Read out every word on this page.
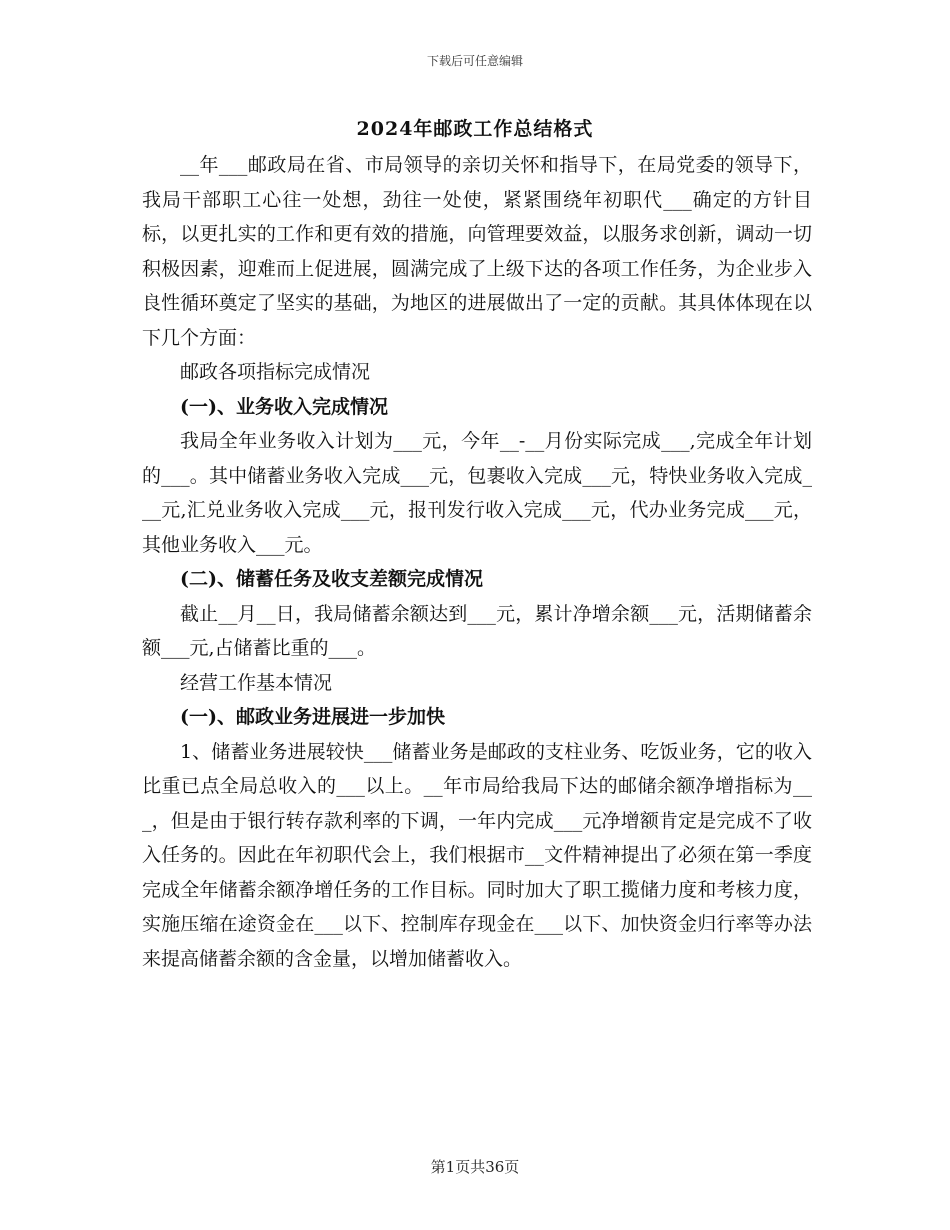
下载后可任意编辑
2024年邮政工作总结格式

__年___邮政局在省、市局领导的亲切关怀和指导下，在局党委的领导下，我局干部职工心往一处想，劲往一处使，紧紧围绕年初职代___确定的方针目标，以更扎实的工作和更有效的措施，向管理要效益，以服务求创新，调动一切积极因素，迎难而上促进展，圆满完成了上级下达的各项工作任务，为企业步入良性循环奠定了坚实的基础，为地区的进展做出了一定的贡献。其具体体现在以下几个方面：

邮政各项指标完成情况

(一)、业务收入完成情况

我局全年业务收入计划为___元，今年__-__月份实际完成___,完成全年计划的___。其中储蓄业务收入完成___元，包裹收入完成___元，特快业务收入完成___元,汇兑业务收入完成___元，报刊发行收入完成___元，代办业务完成___元，其他业务收入___元。

(二)、储蓄任务及收支差额完成情况

截止__月__日，我局储蓄余额达到___元，累计净增余额___元，活期储蓄余额___元,占储蓄比重的___。

经营工作基本情况

(一)、邮政业务进展进一步加快

1、储蓄业务进展较快___储蓄业务是邮政的支柱业务、吃饭业务，它的收入比重已点全局总收入的___以上。__年市局给我局下达的邮储余额净增指标为___，但是由于银行转存款利率的下调，一年内完成___元净增额肯定是完成不了收入任务的。因此在年初职代会上，我们根据市__文件精神提出了必须在第一季度完成全年储蓄余额净增任务的工作目标。同时加大了职工揽储力度和考核力度，实施压缩在途资金在___以下、控制库存现金在___以下、加快资金归行率等办法来提高储蓄余额的含金量，以增加储蓄收入。

第1页共36页
